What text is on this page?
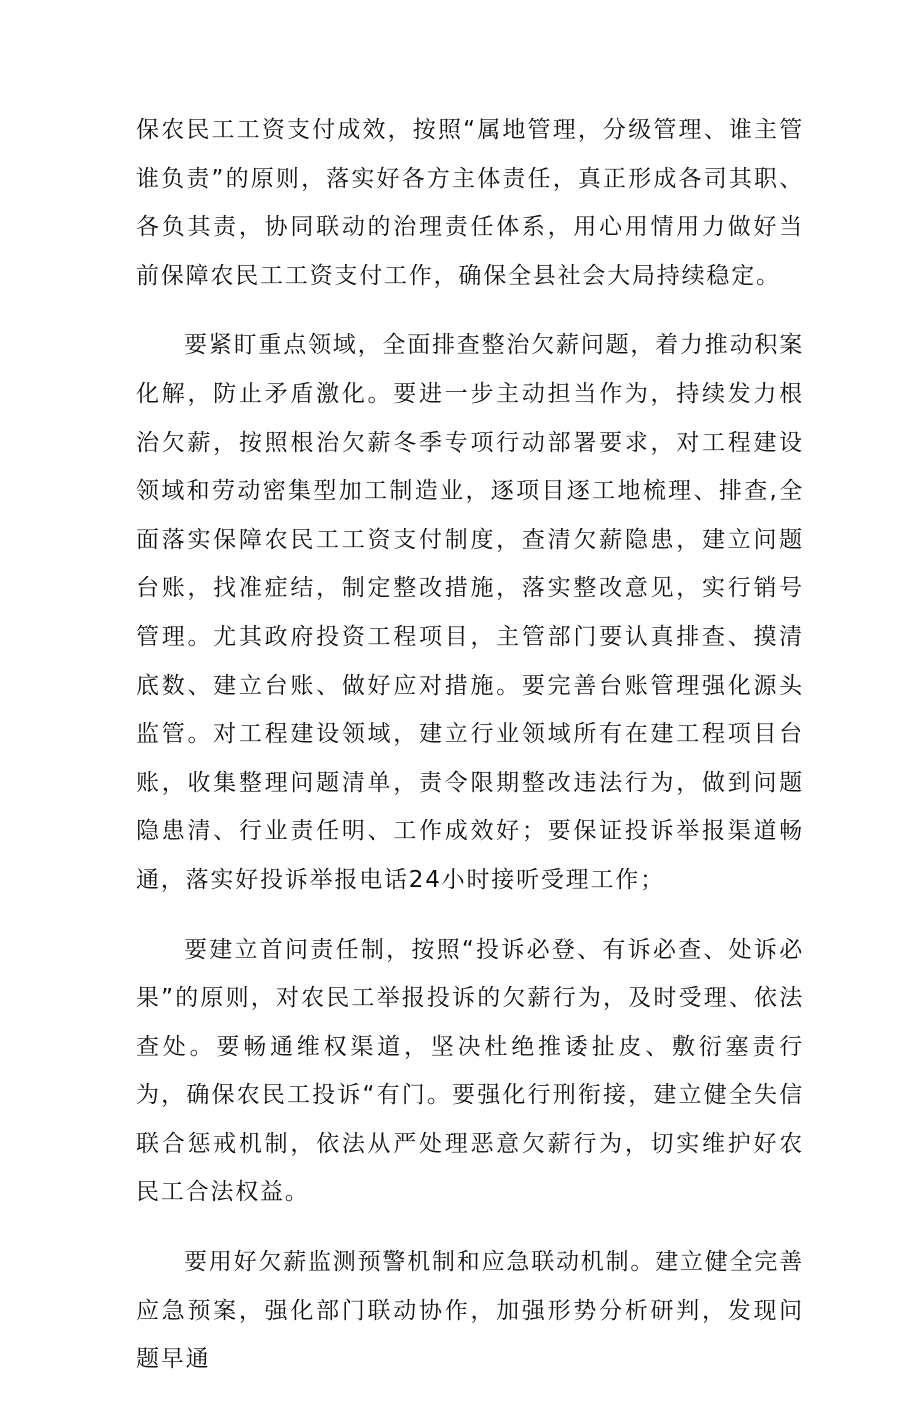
保农民工工资支付成效，按照“属地管理，分级管理、谁主管谁负责”的原则，落实好各方主体责任，真正形成各司其职、各负其责，协同联动的治理责任体系，用心用情用力做好当前保障农民工工资支付工作，确保全县社会大局持续稳定。

要紧盯重点领域，全面排查整治欠薪问题，着力推动积案化解，防止矛盾激化。要进一步主动担当作为，持续发力根治欠薪，按照根治欠薪冬季专项行动部署要求，对工程建设领域和劳动密集型加工制造业，逐项目逐工地梳理、排查,全面落实保障农民工工资支付制度，查清欠薪隐患，建立问题台账，找准症结，制定整改措施，落实整改意见，实行销号管理。尤其政府投资工程项目，主管部门要认真排查、摸清底数、建立台账、做好应对措施。要完善台账管理强化源头监管。对工程建设领域，建立行业领域所有在建工程项目台账，收集整理问题清单，责令限期整改违法行为，做到问题隐患清、行业责任明、工作成效好；要保证投诉举报渠道畅通，落实好投诉举报电话24小时接听受理工作；

要建立首问责任制，按照“投诉必登、有诉必查、处诉必果”的原则，对农民工举报投诉的欠薪行为，及时受理、依法查处。要畅通维权渠道，坚决杜绝推诿扯皮、敷衍塞责行为，确保农民工投诉“有门。要强化行刑衔接，建立健全失信联合惩戒机制，依法从严处理恶意欠薪行为，切实维护好农民工合法权益。

要用好欠薪监测预警机制和应急联动机制。建立健全完善应急预案，强化部门联动协作，加强形势分析研判，发现问题早通
